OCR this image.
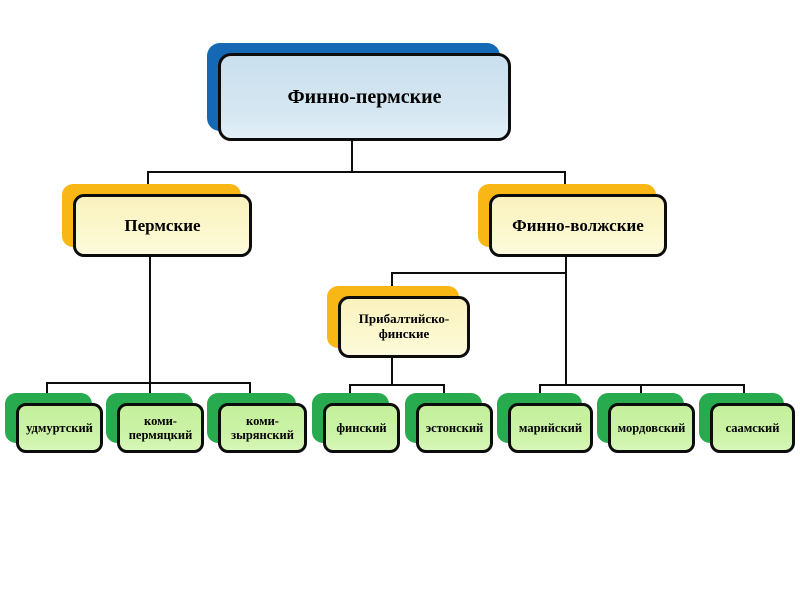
Финно-пермские
Пермские	Финно-волжские
Прибалтийско-финские
удмуртский
коми-пермяцкий
коми-зырянский
финский	эстонский	марийский	мордовский	саамский
